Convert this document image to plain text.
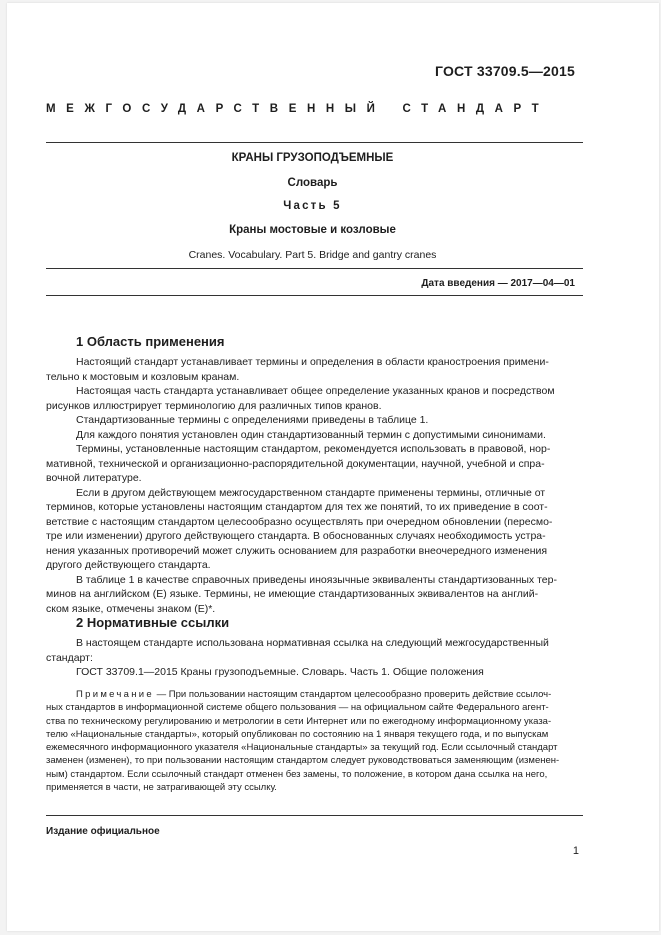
ГОСТ 33709.5—2015
МЕЖГОСУДАРСТВЕННЫЙ СТАНДАРТ
КРАНЫ ГРУЗОПОДЪЕМНЫЕ
Словарь
Часть 5
Краны мостовые и козловые
Cranes. Vocabulary. Part 5. Bridge and gantry cranes
Дата введения — 2017—04—01
1 Область применения
Настоящий стандарт устанавливает термины и определения в области краностроения примени-
тельно к мостовым и козловым кранам.
Настоящая часть стандарта устанавливает общее определение указанных кранов и посредством
рисунков иллюстрирует терминологию для различных типов кранов.
Стандартизованные термины с определениями приведены в таблице 1.
Для каждого понятия установлен один стандартизованный термин с допустимыми синонимами.
Термины, установленные настоящим стандартом, рекомендуется использовать в правовой, нор-
мативной, технической и организационно-распорядительной документации, научной, учебной и спра-
вочной литературе.
Если в другом действующем межгосударственном стандарте применены термины, отличные от
терминов, которые установлены настоящим стандартом для тех же понятий, то их приведение в соот-
ветствие с настоящим стандартом целесообразно осуществлять при очередном обновлении (пересмо-
тре или изменении) другого действующего стандарта. В обоснованных случаях необходимость устра-
нения указанных противоречий может служить основанием для разработки внеочередного изменения
другого действующего стандарта.
В таблице 1 в качестве справочных приведены иноязычные эквиваленты стандартизованных тер-
минов на английском (Е) языке. Термины, не имеющие стандартизованных эквивалентов на англий-
ском языке, отмечены знаком (Е)*.
2 Нормативные ссылки
В настоящем стандарте использована нормативная ссылка на следующий межгосударственный
стандарт:
ГОСТ 33709.1—2015 Краны грузоподъемные. Словарь. Часть 1. Общие положения
Примечание — При пользовании настоящим стандартом целесообразно проверить действие ссылоч-
ных стандартов в информационной системе общего пользования — на официальном сайте Федерального агент-
ства по техническому регулированию и метрологии в сети Интернет или по ежегодному информационному указа-
телю «Национальные стандарты», который опубликован по состоянию на 1 января текущего года, и по выпускам
ежемесячного информационного указателя «Национальные стандарты» за текущий год. Если ссылочный стандарт
заменен (изменен), то при пользовании настоящим стандартом следует руководствоваться заменяющим (изменен-
ным) стандартом. Если ссылочный стандарт отменен без замены, то положение, в котором дана ссылка на него,
применяется в части, не затрагивающей эту ссылку.
Издание официальное
1
